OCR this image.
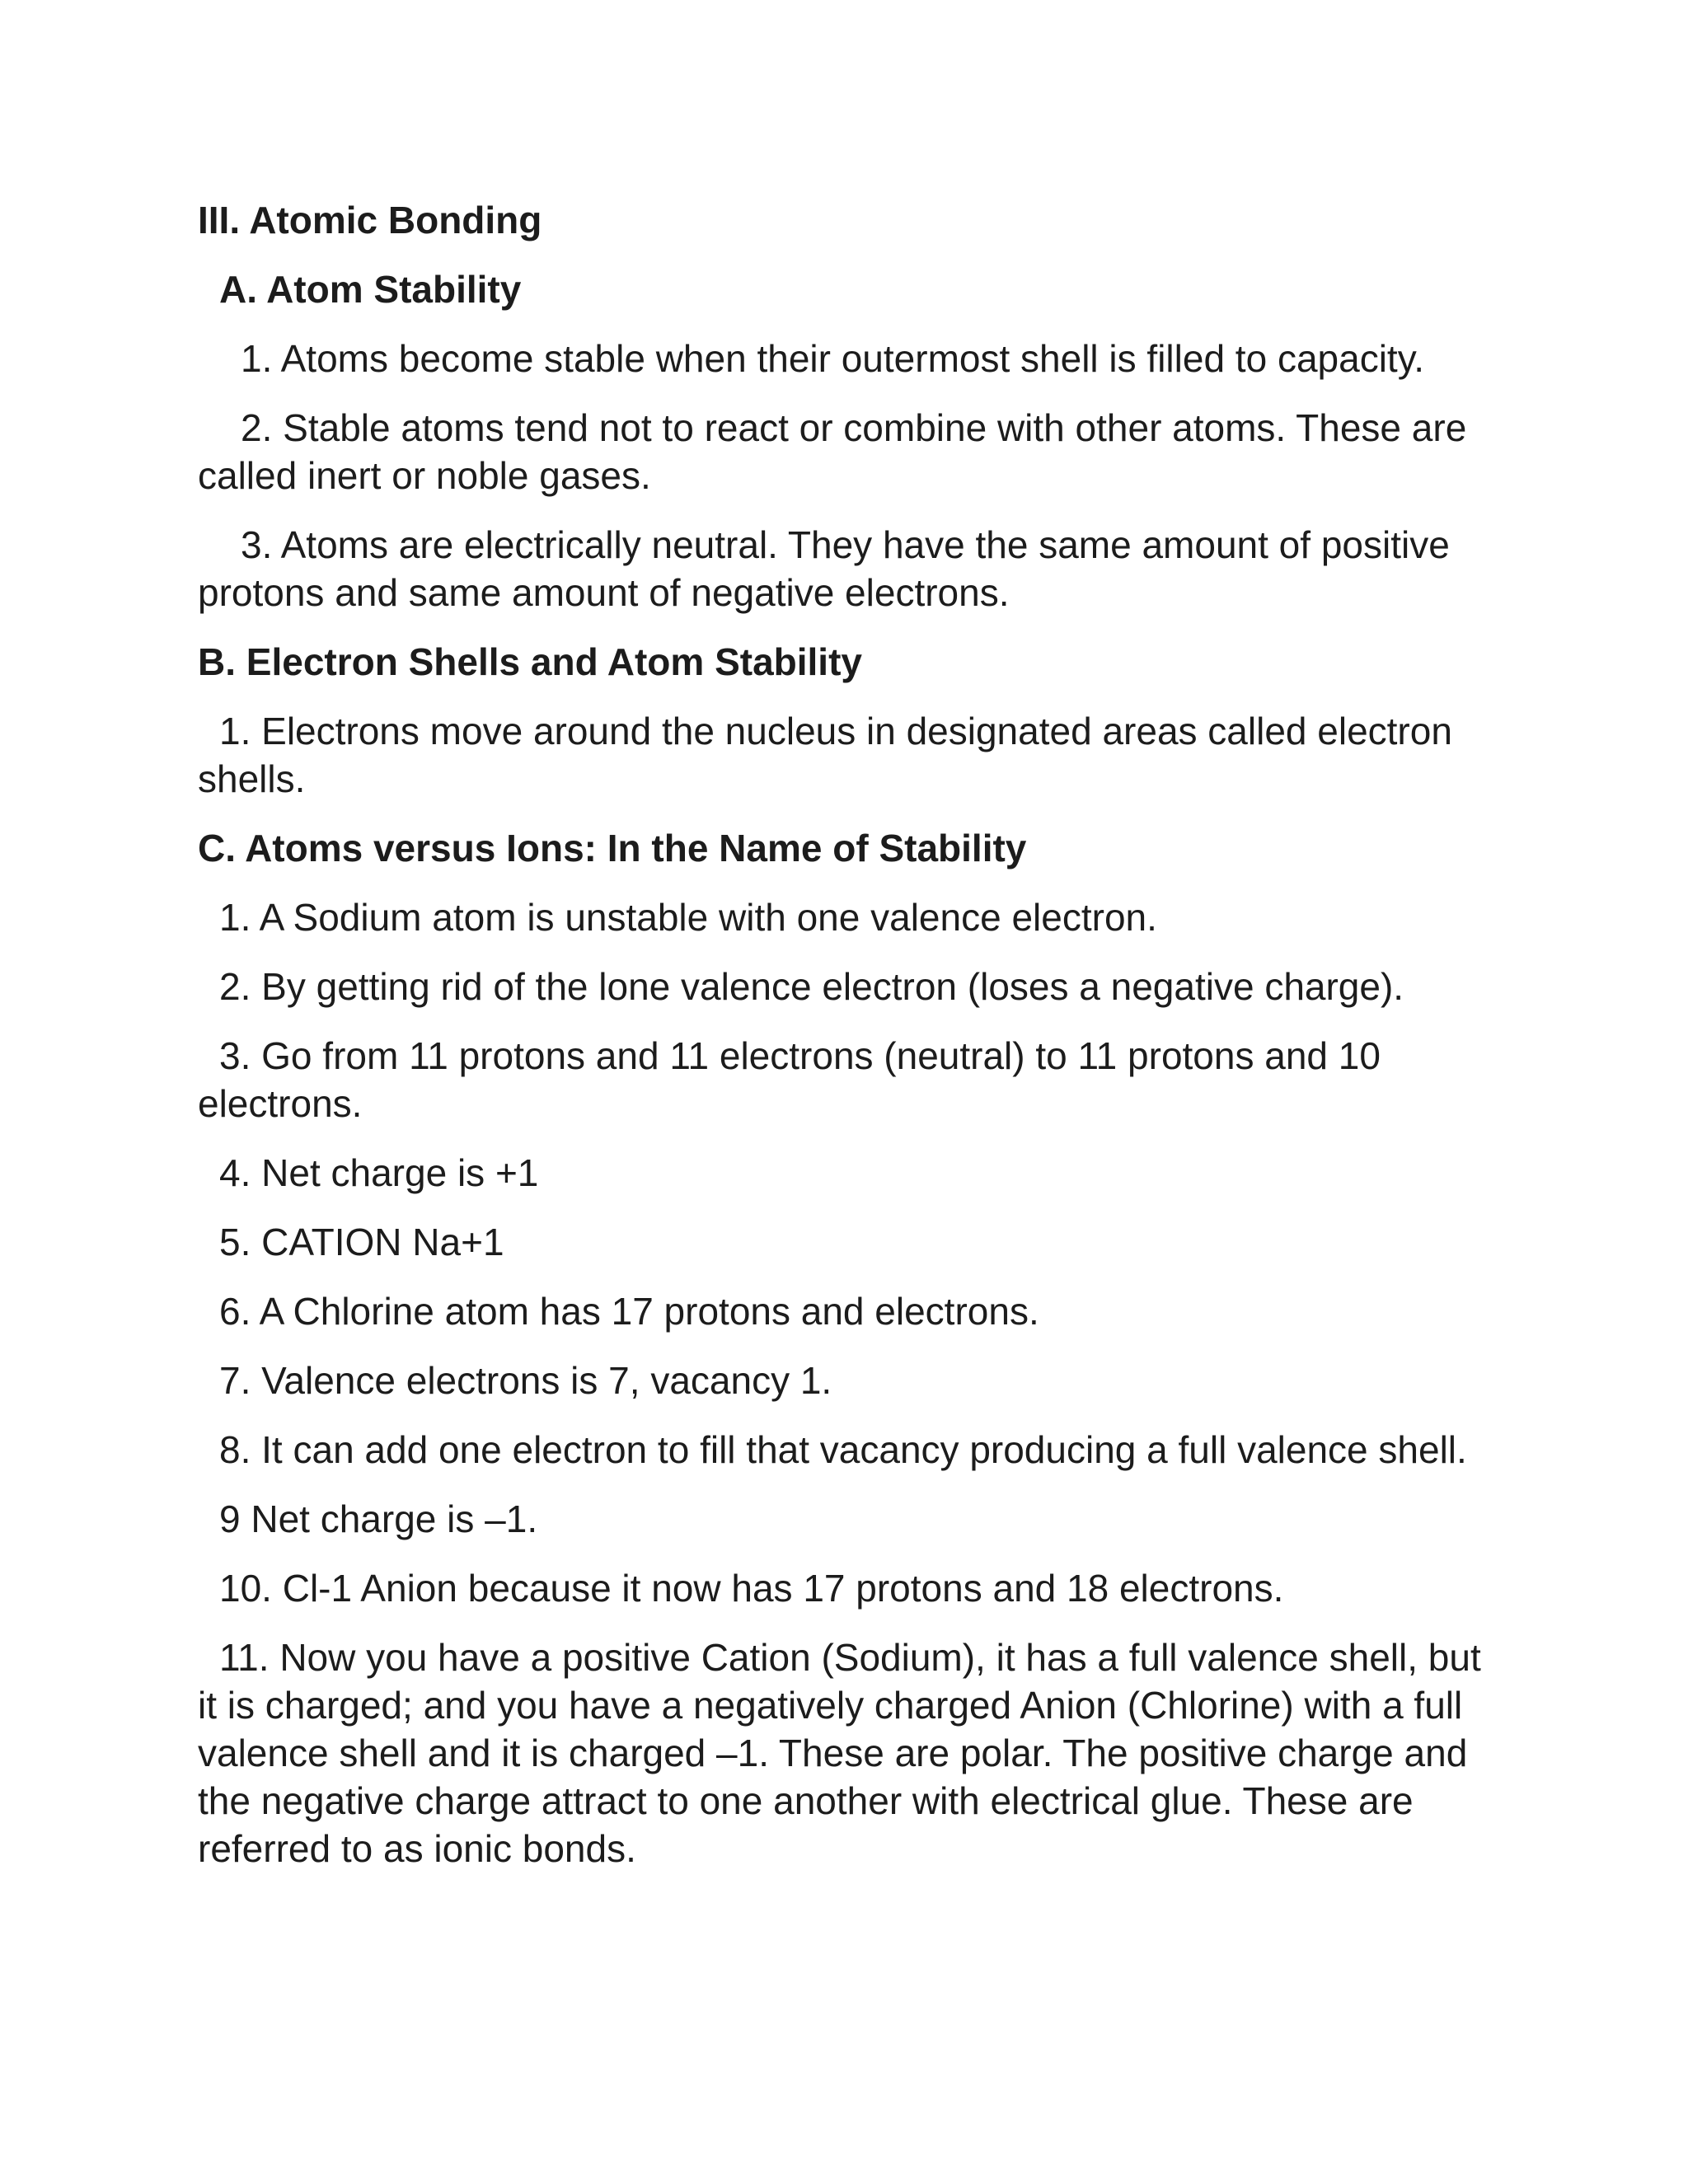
III. Atomic Bonding

A. Atom Stability

1. Atoms become stable when their outermost shell is filled to capacity.

2. Stable atoms tend not to react or combine with other atoms. These are called inert or noble gases.

3. Atoms are electrically neutral. They have the same amount of positive protons and same amount of negative electrons.

B. Electron Shells and Atom Stability

1. Electrons move around the nucleus in designated areas called electron shells.

C. Atoms versus Ions: In the Name of Stability

1. A Sodium atom is unstable with one valence electron.

2. By getting rid of the lone valence electron (loses a negative charge).

3. Go from 11 protons and 11 electrons (neutral) to 11 protons and 10 electrons.

4. Net charge is +1

5. CATION Na+1

6. A Chlorine atom has 17 protons and electrons.

7. Valence electrons is 7, vacancy 1.

8. It can add one electron to fill that vacancy producing a full valence shell.

9 Net charge is –1.

10. Cl-1 Anion because it now has 17 protons and 18 electrons.

11. Now you have a positive Cation (Sodium), it has a full valence shell, but it is charged; and you have a negatively charged Anion (Chlorine) with a full valence shell and it is charged –1. These are polar. The positive charge and the negative charge attract to one another with electrical glue. These are referred to as ionic bonds.
